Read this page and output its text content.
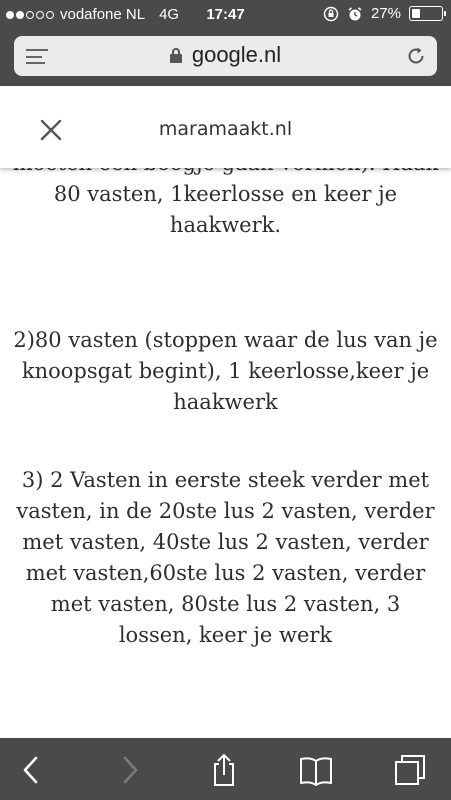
vodafone NL 4G	17:47	27%
google.nl
maramaakt.nl

80 vasten, 1keerlosse en keer je haakwerk.

2)80 vasten (stoppen waar de lus van je knoopsgat begint), 1 keerlosse,keer je haakwerk

3) 2 Vasten in eerste steek verder met vasten, in de 20ste lus 2 vasten, verder met vasten, 40ste lus 2 vasten, verder met vasten,60ste lus 2 vasten, verder met vasten, 80ste lus 2 vasten, 3 lossen, keer je werk
